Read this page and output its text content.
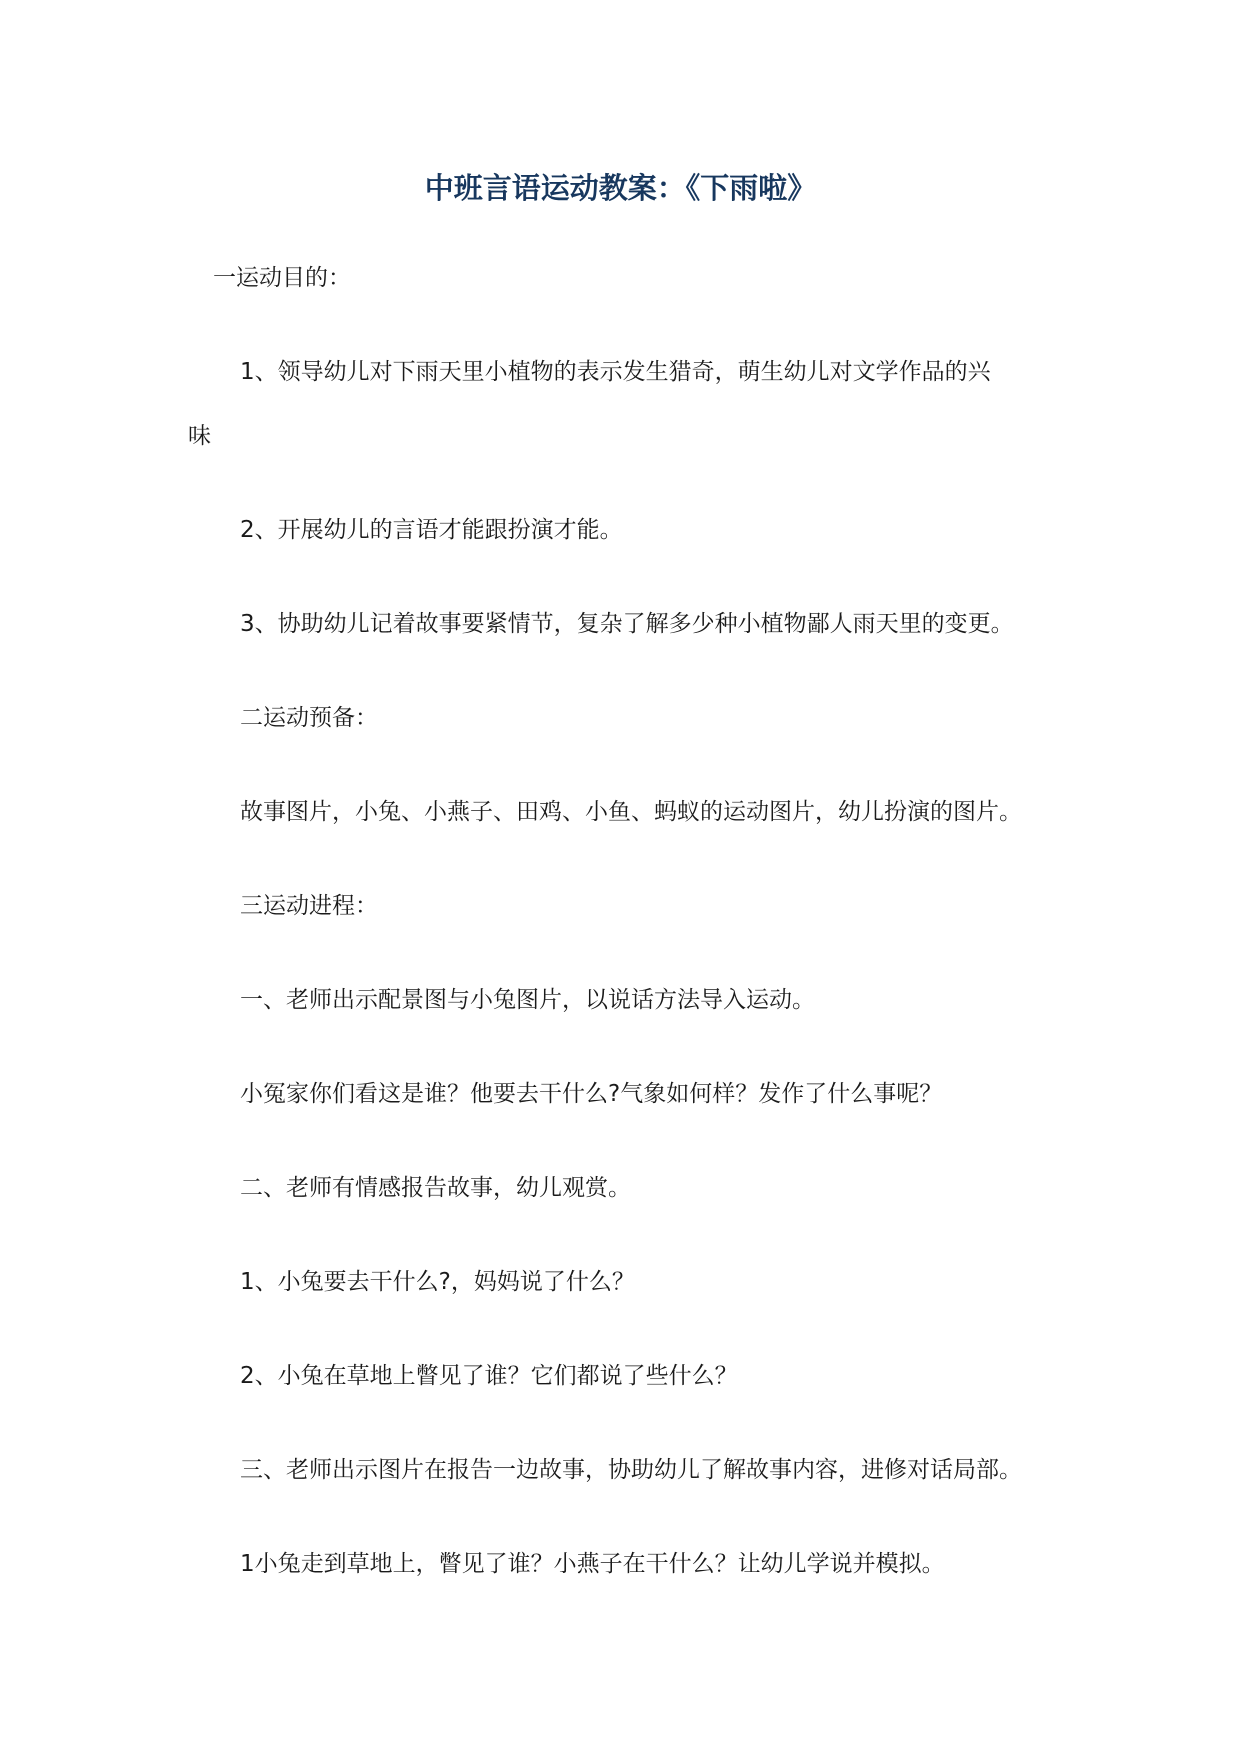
中班言语运动教案：《下雨啦》

一运动目的：

1、领导幼儿对下雨天里小植物的表示发生猎奇，萌生幼儿对文学作品的兴

味

2、开展幼儿的言语才能跟扮演才能。

3、协助幼儿记着故事要紧情节，复杂了解多少种小植物鄙人雨天里的变更。

二运动预备：

故事图片，小兔、小燕子、田鸡、小鱼、蚂蚁的运动图片，幼儿扮演的图片。

三运动进程：

一、老师出示配景图与小兔图片，以说话方法导入运动。

小冤家你们看这是谁？他要去干什么?气象如何样？发作了什么事呢？

二、老师有情感报告故事，幼儿观赏。

1、小兔要去干什么?，妈妈说了什么？

2、小兔在草地上瞥见了谁？它们都说了些什么？

三、老师出示图片在报告一边故事，协助幼儿了解故事内容，进修对话局部。

1小兔走到草地上，瞥见了谁？小燕子在干什么？让幼儿学说并模拟。
